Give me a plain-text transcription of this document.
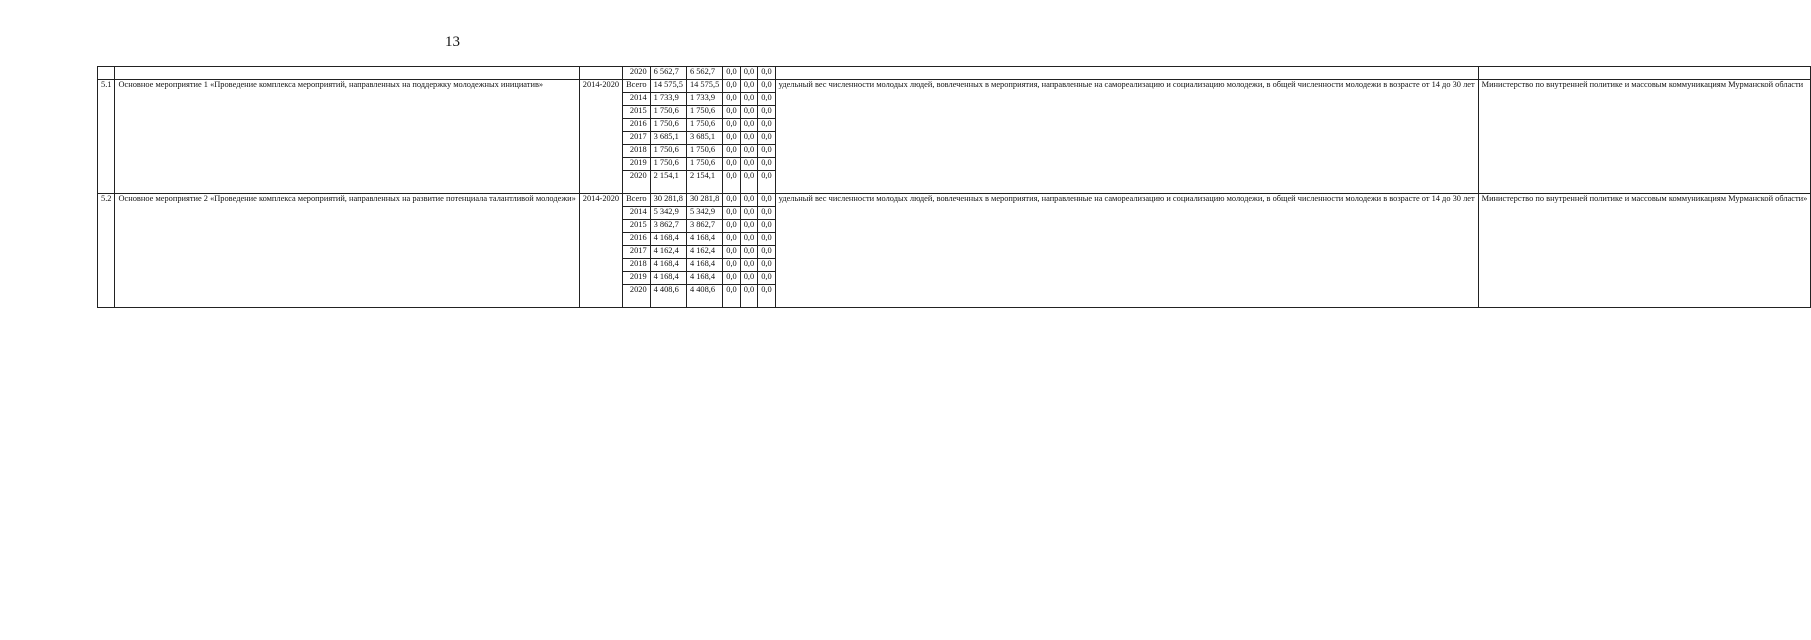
13
			2020	6 562,7	6 562,7	0,0	0,0	0,0		
5.1	Основное мероприятие 1 «Проведение комплекса мероприятий, направленных на поддержку молодежных инициатив»	2014-2020	Всего	14 575,5	14 575,5	0,0	0,0	0,0	удельный вес численности молодых людей, вовлеченных в мероприятия, направленные на самореализацию и социализацию молодежи, в общей численности молодежи в возрасте от 14 до 30 лет	Министерство по внутренней политике и массовым коммуникациям Мурманской области
			2014	1 733,9	1 733,9	0,0	0,0	0,0		
			2015	1 750,6	1 750,6	0,0	0,0	0,0		
			2016	1 750,6	1 750,6	0,0	0,0	0,0		
			2017	3 685,1	3 685,1	0,0	0,0	0,0		
			2018	1 750,6	1 750,6	0,0	0,0	0,0		
			2019	1 750,6	1 750,6	0,0	0,0	0,0		
			2020	2 154,1	2 154,1	0,0	0,0	0,0		
5.2	Основное мероприятие 2 «Проведение комплекса мероприятий, направленных на развитие потенциала талантливой молодежи»	2014-2020	Всего	30 281,8	30 281,8	0,0	0,0	0,0	удельный вес численности молодых людей, вовлеченных в мероприятия, направленные на самореализацию и социализацию молодежи, в общей численности молодежи в возрасте от 14 до 30 лет	Министерство по внутренней политике и массовым коммуникациям Мурманской области»
			2014	5 342,9	5 342,9	0,0	0,0	0,0		
			2015	3 862,7	3 862,7	0,0	0,0	0,0		
			2016	4 168,4	4 168,4	0,0	0,0	0,0		
			2017	4 162,4	4 162,4	0,0	0,0	0,0		
			2018	4 168,4	4 168,4	0,0	0,0	0,0		
			2019	4 168,4	4 168,4	0,0	0,0	0,0		
			2020	4 408,6	4 408,6	0,0	0,0	0,0		
